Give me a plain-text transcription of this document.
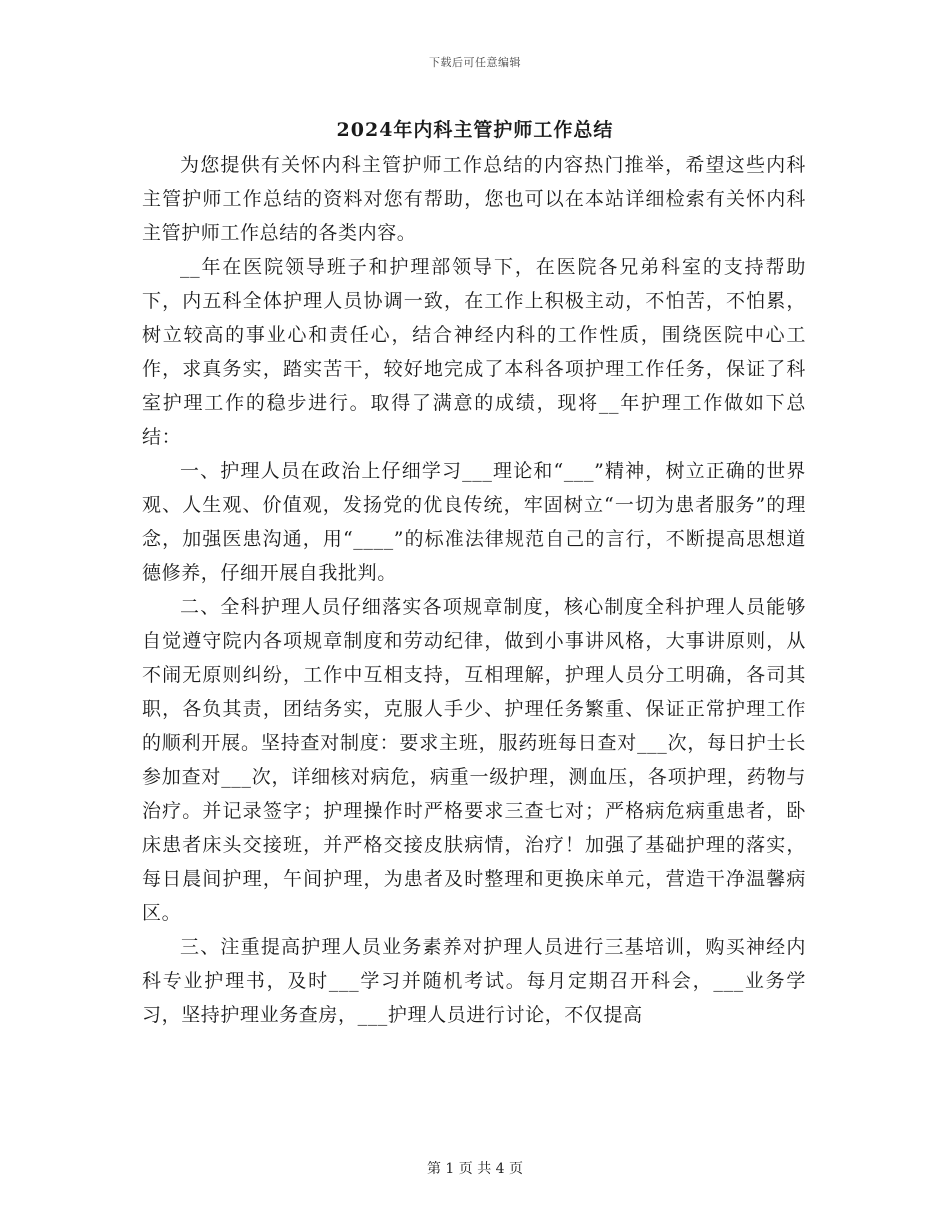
下载后可任意编辑
2024年内科主管护师工作总结

为您提供有关怀内科主管护师工作总结的内容热门推举，希望这些内科主管护师工作总结的资料对您有帮助，您也可以在本站详细检索有关怀内科主管护师工作总结的各类内容。

__年在医院领导班子和护理部领导下，在医院各兄弟科室的支持帮助下，内五科全体护理人员协调一致，在工作上积极主动，不怕苦，不怕累，树立较高的事业心和责任心，结合神经内科的工作性质，围绕医院中心工作，求真务实，踏实苦干，较好地完成了本科各项护理工作任务，保证了科室护理工作的稳步进行。取得了满意的成绩，现将__年护理工作做如下总结：

一、护理人员在政治上仔细学习___理论和“___”精神，树立正确的世界观、人生观、价值观，发扬党的优良传统，牢固树立“一切为患者服务”的理念，加强医患沟通，用“____”的标准法律规范自己的言行，不断提高思想道德修养，仔细开展自我批判。

二、全科护理人员仔细落实各项规章制度，核心制度全科护理人员能够自觉遵守院内各项规章制度和劳动纪律，做到小事讲风格，大事讲原则，从不闹无原则纠纷，工作中互相支持，互相理解，护理人员分工明确，各司其职，各负其责，团结务实，克服人手少、护理任务繁重、保证正常护理工作的顺利开展。坚持查对制度：要求主班，服药班每日查对___次，每日护士长参加查对___次，详细核对病危，病重一级护理，测血压，各项护理，药物与治疗。并记录签字；护理操作时严格要求三查七对；严格病危病重患者，卧床患者床头交接班，并严格交接皮肤病情，治疗！加强了基础护理的落实，每日晨间护理，午间护理，为患者及时整理和更换床单元，营造干净温馨病区。

三、注重提高护理人员业务素养对护理人员进行三基培训，购买神经内科专业护理书，及时___学习并随机考试。每月定期召开科会，___业务学习，坚持护理业务查房，___护理人员进行讨论，不仅提高

第 1 页 共 4 页
